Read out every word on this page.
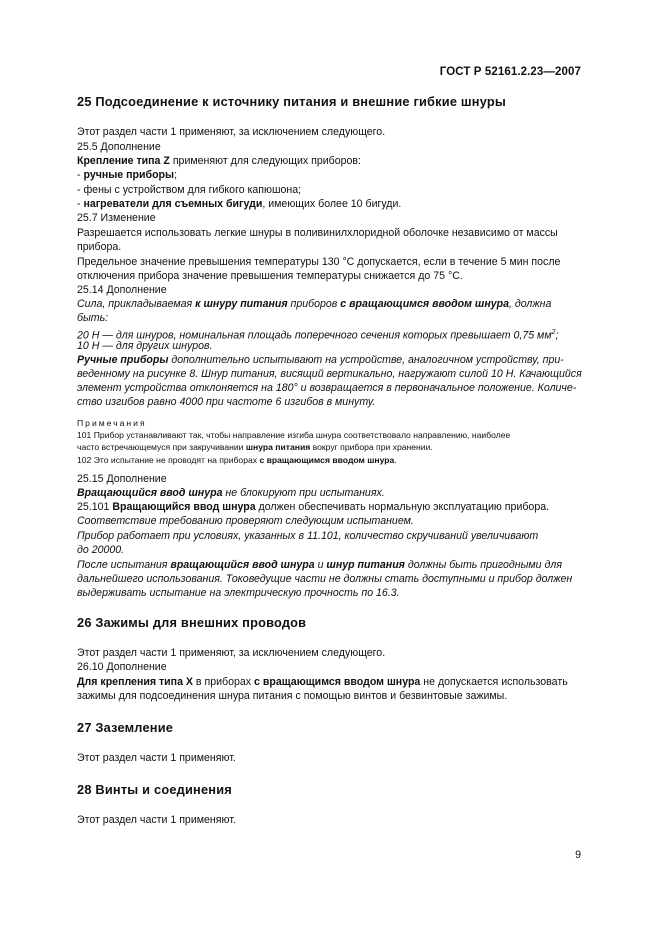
ГОСТ Р 52161.2.23—2007
25 Подсоединение к источнику питания и внешние гибкие шнуры
Этот раздел части 1 применяют, за исключением следующего.
25.5 Дополнение
Крепление типа Z применяют для следующих приборов:
- ручные приборы;
- фены с устройством для гибкого капюшона;
- нагреватели для съемных бигуди, имеющих более 10 бигуди.
25.7 Изменение
Разрешается использовать легкие шнуры в поливинилхлоридной оболочке независимо от массы
прибора.
Предельное значение превышения температуры 130 °С допускается, если в течение 5 мин после
отключения прибора значение превышения температуры снижается до 75 °С.
25.14 Дополнение
Сила, прикладываемая к шнуру питания приборов с вращающимся вводом шнура, должна
быть:
20 Н — для шнуров, номинальная площадь поперечного сечения которых превышает 0,75 $мм^2$;
10 Н — для других шнуров.
Ручные приборы дополнительно испытывают на устройстве, аналогичном устройству, при-
веденному на рисунке 8. Шнур питания, висящий вертикально, нагружают силой 10 Н. Качающийся
элемент устройства отклоняется на 180° и возвращается в первоначальное положение. Количе-
ство изгибов равно 4000 при частоте 6 изгибов в минуту.
Примечания
101 Прибор устанавливают так, чтобы направление изгиба шнура соответствовало направлению, наиболее
часто встречающемуся при закручивании шнура питания вокруг прибора при хранении.
102 Это испытание не проводят на приборах с вращающимся вводом шнура.
25.15 Дополнение
Вращающийся ввод шнура не блокируют при испытаниях.
25.101 Вращающийся ввод шнура должен обеспечивать нормальную эксплуатацию прибора.
Соответствие требованию проверяют следующим испытанием.
Прибор работает при условиях, указанных в 11.101, количество скручиваний увеличивают
до 20000.
После испытания вращающийся ввод шнура и шнур питания должны быть пригодными для
дальнейшего использования. Токоведущие части не должны стать доступными и прибор должен
выдерживать испытание на электрическую прочность по 16.3.
26 Зажимы для внешних проводов
Этот раздел части 1 применяют, за исключением следующего.
26.10 Дополнение
Для крепления типа X в приборах с вращающимся вводом шнура не допускается использовать
зажимы для подсоединения шнура питания с помощью винтов и безвинтовые зажимы.
27 Заземление
Этот раздел части 1 применяют.
28 Винты и соединения
Этот раздел части 1 применяют.
9
